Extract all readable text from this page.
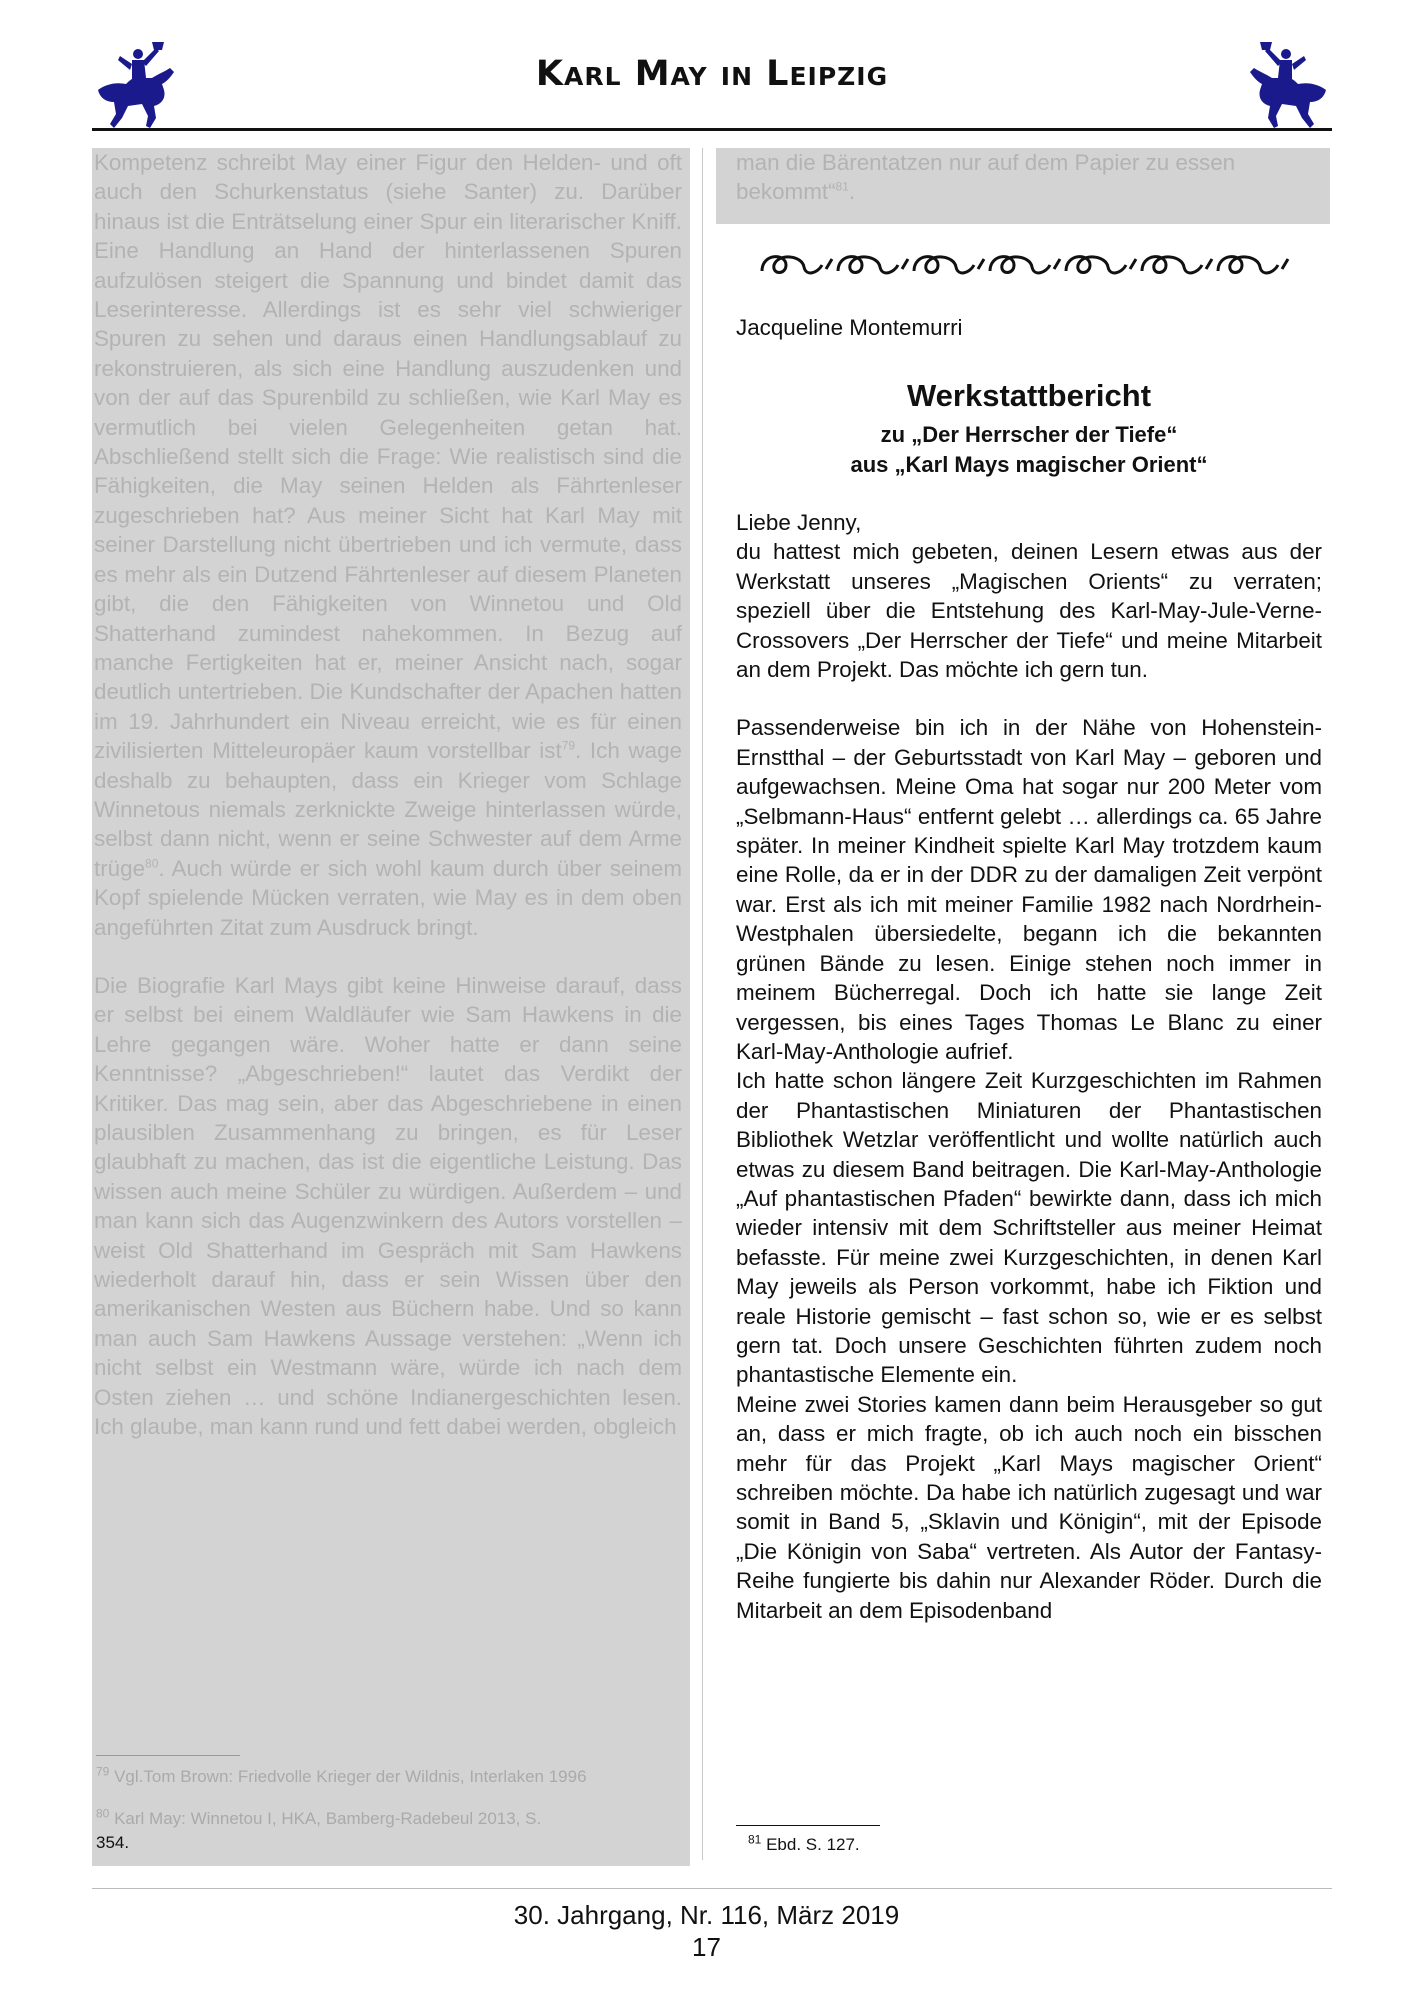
Karl May in Leipzig

Kompetenz schreibt May einer Figur den Helden- und oft auch den Schurkenstatus (siehe Santer) zu. Darüber hinaus ist die Enträtselung einer Spur ein literarischer Kniff. Eine Handlung an Hand der hinterlassenen Spuren aufzulösen steigert die Spannung und bindet damit das Leserinteresse. Allerdings ist es sehr viel schwieriger Spuren zu sehen und daraus einen Handlungsablauf zu rekonstruieren, als sich eine Handlung auszudenken und von der auf das Spurenbild zu schließen, wie Karl May es vermutlich bei vielen Gelegenheiten getan hat. Abschließend stellt sich die Frage: Wie realistisch sind die Fähigkeiten, die May seinen Helden als Fährtenleser zugeschrieben hat? Aus meiner Sicht hat Karl May mit seiner Darstellung nicht übertrieben und ich vermute, dass es mehr als ein Dutzend Fährtenleser auf diesem Planeten gibt, die den Fähigkeiten von Winnetou und Old Shatterhand zumindest nahekommen. In Bezug auf manche Fertigkeiten hat er, meiner Ansicht nach, sogar deutlich untertrieben. Die Kundschafter der Apachen hatten im 19. Jahrhundert ein Niveau erreicht, wie es für einen zivilisierten Mitteleuropäer kaum vorstellbar ist$^{79}$. Ich wage deshalb zu behaupten, dass ein Krieger vom Schlage Winnetous niemals zerknickte Zweige hinterlassen würde, selbst dann nicht, wenn er seine Schwester auf dem Arme trüge$^{80}$. Auch würde er sich wohl kaum durch über seinem Kopf spielende Mücken verraten, wie May es in dem oben angeführten Zitat zum Ausdruck bringt.

Die Biografie Karl Mays gibt keine Hinweise darauf, dass er selbst bei einem Waldläufer wie Sam Hawkens in die Lehre gegangen wäre. Woher hatte er dann seine Kenntnisse? „Abgeschrieben!“ lautet das Verdikt der Kritiker. Das mag sein, aber das Abgeschriebene in einen plausiblen Zusammenhang zu bringen, es für Leser glaubhaft zu machen, das ist die eigentliche Leistung. Das wissen auch meine Schüler zu würdigen. Außerdem – und man kann sich das Augenzwinkern des Autors vorstellen – weist Old Shatterhand im Gespräch mit Sam Hawkens wiederholt darauf hin, dass er sein Wissen über den amerikanischen Westen aus Büchern habe. Und so kann man auch Sam Hawkens Aussage verstehen: „Wenn ich nicht selbst ein Westmann wäre, würde ich nach dem Osten ziehen … und schöne Indianergeschichten lesen. Ich glaube, man kann rund und fett dabei werden, obgleich

$^{79}$ Vgl.Tom Brown: Friedvolle Krieger der Wildnis, Interlaken 1996
$^{80}$ Karl May: Winnetou I, HKA, Bamberg-Radebeul 2013, S.
354.
man die Bärentatzen nur auf dem Papier zu essen bekommt“$^{81}$.
Jacqueline Montemurri
Werkstattbericht
zu „Der Herrscher der Tiefe“
aus „Karl Mays magischer Orient“

Liebe Jenny,

du hattest mich gebeten, deinen Lesern etwas aus der Werkstatt unseres „Magischen Orients“ zu verraten; speziell über die Entstehung des Karl-May-Jule-Verne-Crossovers „Der Herrscher der Tiefe“ und meine Mitarbeit an dem Projekt. Das möchte ich gern tun.

Passenderweise bin ich in der Nähe von Hohenstein-Ernstthal – der Geburtsstadt von Karl May – geboren und aufgewachsen. Meine Oma hat sogar nur 200 Meter vom „Selbmann-Haus“ entfernt gelebt … allerdings ca. 65 Jahre später. In meiner Kindheit spielte Karl May trotzdem kaum eine Rolle, da er in der DDR zu der damaligen Zeit verpönt war. Erst als ich mit meiner Familie 1982 nach Nordrhein-Westphalen übersiedelte, begann ich die bekannten grünen Bände zu lesen. Einige stehen noch immer in meinem Bücherregal. Doch ich hatte sie lange Zeit vergessen, bis eines Tages Thomas Le Blanc zu einer Karl-May-Anthologie aufrief.

Ich hatte schon längere Zeit Kurzgeschichten im Rahmen der Phantastischen Miniaturen der Phantastischen Bibliothek Wetzlar veröffentlicht und wollte natürlich auch etwas zu diesem Band beitragen. Die Karl-May-Anthologie „Auf phantastischen Pfaden“ bewirkte dann, dass ich mich wieder intensiv mit dem Schriftsteller aus meiner Heimat befasste. Für meine zwei Kurzgeschichten, in denen Karl May jeweils als Person vorkommt, habe ich Fiktion und reale Historie gemischt – fast schon so, wie er es selbst gern tat. Doch unsere Geschichten führten zudem noch phantastische Elemente ein.

Meine zwei Stories kamen dann beim Herausgeber so gut an, dass er mich fragte, ob ich auch noch ein bisschen mehr für das Projekt „Karl Mays magischer Orient“ schreiben möchte. Da habe ich natürlich zugesagt und war somit in Band 5, „Sklavin und Königin“, mit der Episode „Die Königin von Saba“ vertreten. Als Autor der Fantasy-Reihe fungierte bis dahin nur Alexander Röder. Durch die Mitarbeit an dem Episodenband

$^{81}$ Ebd. S. 127.
30. Jahrgang, Nr. 116, März 2019
17
